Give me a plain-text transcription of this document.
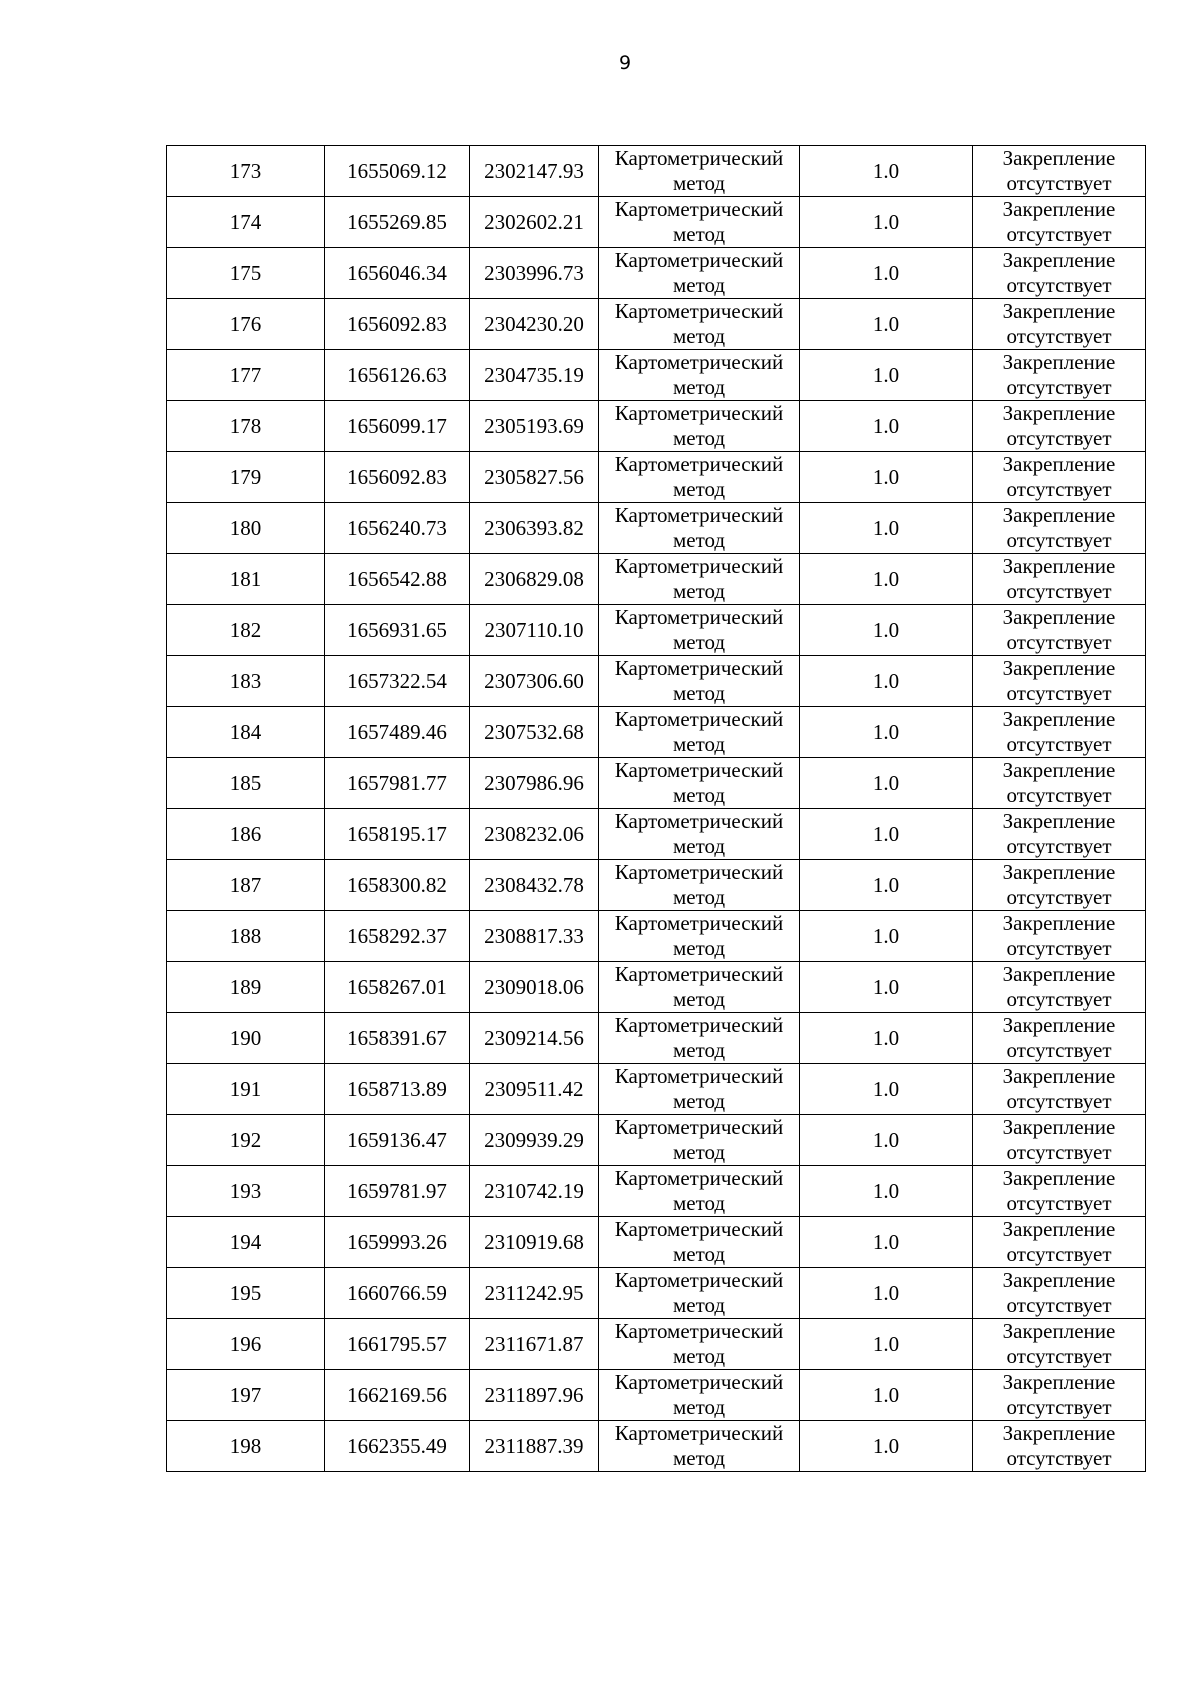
9
173	1655069.12	2302147.93	Картометрический
метод	1.0	Закрепление
отсутствует

174	1655269.85	2302602.21	Картометрический
метод	1.0	Закрепление
отсутствует

175	1656046.34	2303996.73	Картометрический
метод	1.0	Закрепление
отсутствует

176	1656092.83	2304230.20	Картометрический
метод	1.0	Закрепление
отсутствует

177	1656126.63	2304735.19	Картометрический
метод	1.0	Закрепление
отсутствует

178	1656099.17	2305193.69	Картометрический
метод	1.0	Закрепление
отсутствует

179	1656092.83	2305827.56	Картометрический
метод	1.0	Закрепление
отсутствует

180	1656240.73	2306393.82	Картометрический
метод	1.0	Закрепление
отсутствует

181	1656542.88	2306829.08	Картометрический
метод	1.0	Закрепление
отсутствует

182	1656931.65	2307110.10	Картометрический
метод	1.0	Закрепление
отсутствует

183	1657322.54	2307306.60	Картометрический
метод	1.0	Закрепление
отсутствует

184	1657489.46	2307532.68	Картометрический
метод	1.0	Закрепление
отсутствует

185	1657981.77	2307986.96	Картометрический
метод	1.0	Закрепление
отсутствует

186	1658195.17	2308232.06	Картометрический
метод	1.0	Закрепление
отсутствует

187	1658300.82	2308432.78	Картометрический
метод	1.0	Закрепление
отсутствует

188	1658292.37	2308817.33	Картометрический
метод	1.0	Закрепление
отсутствует

189	1658267.01	2309018.06	Картометрический
метод	1.0	Закрепление
отсутствует

190	1658391.67	2309214.56	Картометрический
метод	1.0	Закрепление
отсутствует

191	1658713.89	2309511.42	Картометрический
метод	1.0	Закрепление
отсутствует

192	1659136.47	2309939.29	Картометрический
метод	1.0	Закрепление
отсутствует

193	1659781.97	2310742.19	Картометрический
метод	1.0	Закрепление
отсутствует

194	1659993.26	2310919.68	Картометрический
метод	1.0	Закрепление
отсутствует

195	1660766.59	2311242.95	Картометрический
метод	1.0	Закрепление
отсутствует

196	1661795.57	2311671.87	Картометрический
метод	1.0	Закрепление
отсутствует

197	1662169.56	2311897.96	Картометрический
метод	1.0	Закрепление
отсутствует

198	1662355.49	2311887.39	Картометрический
метод	1.0	Закрепление
отсутствует
